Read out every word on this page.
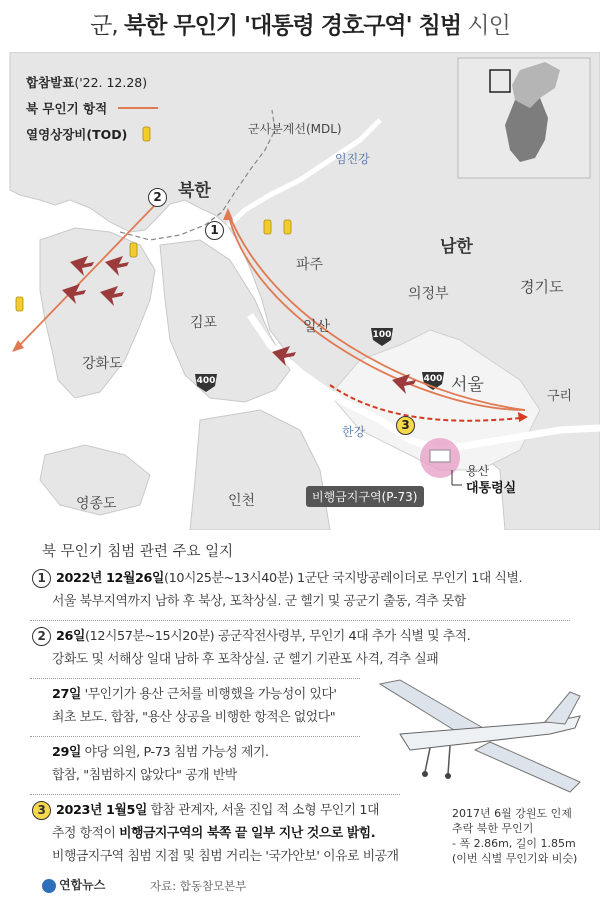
군, 북한 무인기 '대통령 경호구역' 침범 시인
합참발표('22. 12.28)
북 무인기 항적
열영상장비(TOD)	군사분계선(MDL)
임진강
북한
남한
파주
의정부	경기도
김포	일산
강화도
서울
구리
한강
용산
대통령실
영종도	인천	비행금지구역(P-73)
100
400	400
1
2
3
북 무인기 침범 관련 주요 일지
1 2022년 12월26일(10시25분~13시40분) 1군단 국지방공레이더로 무인기 1대 식별.
서울 북부지역까지 남하 후 북상, 포착상실. 군 헬기 및 공군기 출동, 격추 못함
2 26일(12시57분~15시20분) 공군작전사령부, 무인기 4대 추가 식별 및 추적.
강화도 및 서해상 일대 남하 후 포착상실. 군 헬기 기관포 사격, 격추 실패
27일 '무인기가 용산 근처를 비행했을 가능성이 있다'
최초 보도. 합참, "용산 상공을 비행한 항적은 없었다"
29일 야당 의원, P-73 침범 가능성 제기.
합참, "침범하지 않았다" 공개 반박
3 2023년 1월5일 합참 관계자, 서울 진입 적 소형 무인기 1대
추정 항적이 비행금지구역의 북쪽 끝 일부 지난 것으로 밝힘.
비행금지구역 침범 지점 및 침범 거리는 '국가안보' 이유로 비공개
2017년 6월 강원도 인제
추락 북한 무인기
- 폭 2.86m, 길이 1.85m
(이번 식별 무인기와 비슷)
연합뉴스	자료: 합동참모본부
